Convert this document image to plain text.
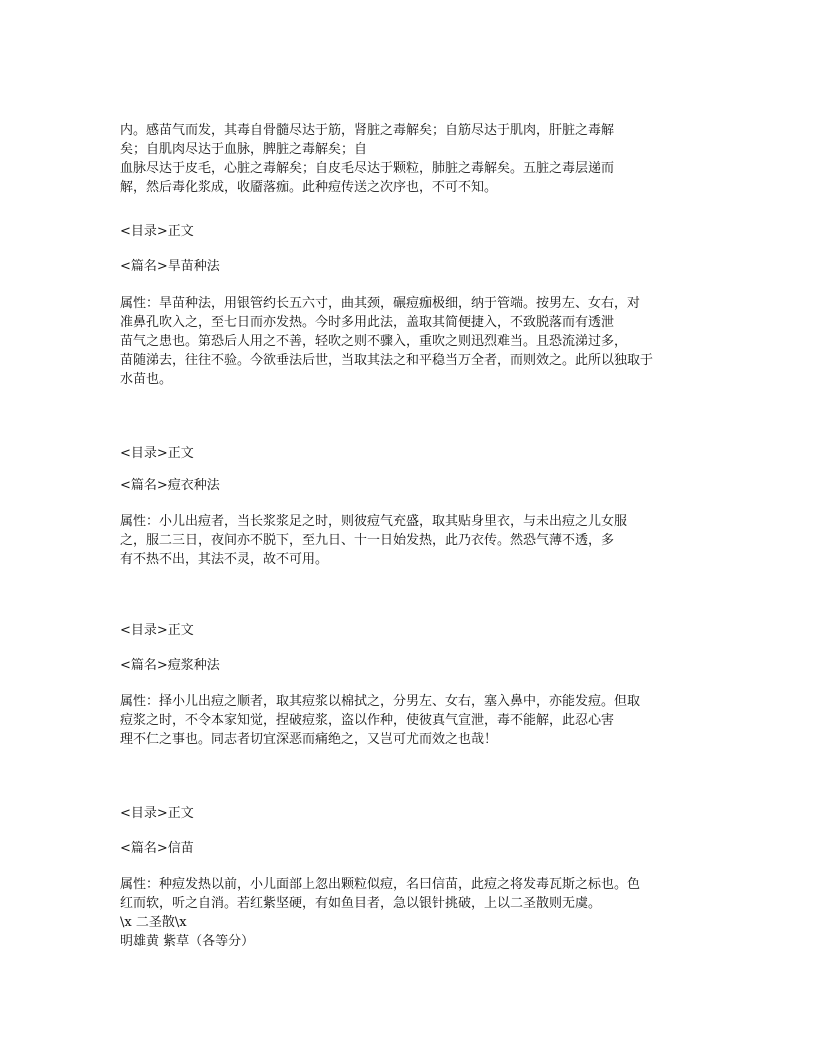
内。感苗气而发，其毒自骨髓尽达于筋，肾脏之毒解矣；自筋尽达于肌肉，肝脏之毒解
矣；自肌肉尽达于血脉，脾脏之毒解矣；自
血脉尽达于皮毛，心脏之毒解矣；自皮毛尽达于颗粒，肺脏之毒解矣。五脏之毒层递而
解，然后毒化浆成，收靥落痂。此种痘传送之次序也，不可不知。
<目录>正文
<篇名>旱苗种法
属性：旱苗种法，用银管约长五六寸，曲其颈，碾痘痂极细，纳于管端。按男左、女右，对
准鼻孔吹入之，至七日而亦发热。今时多用此法，盖取其简便捷入，不致脱落而有透泄
苗气之患也。第恐后人用之不善，轻吹之则不骤入，重吹之则迅烈难当。且恐流涕过多，
苗随涕去，往往不验。今欲垂法后世，当取其法之和平稳当万全者，而则效之。此所以独取于
水苗也。
<目录>正文
<篇名>痘衣种法
属性：小儿出痘者，当长浆浆足之时，则彼痘气充盛，取其贴身里衣，与未出痘之儿女服
之，服二三日，夜间亦不脱下，至九日、十一日始发热，此乃衣传。然恐气薄不透，多
有不热不出，其法不灵，故不可用。
<目录>正文
<篇名>痘浆种法
属性：择小儿出痘之顺者，取其痘浆以棉拭之，分男左、女右，塞入鼻中，亦能发痘。但取
痘浆之时，不令本家知觉，捏破痘浆，盗以作种，使彼真气宣泄，毒不能解，此忍心害
理不仁之事也。同志者切宜深恶而痛绝之，又岂可尤而效之也哉！
<目录>正文
<篇名>信苗
属性：种痘发热以前，小儿面部上忽出颗粒似痘，名曰信苗，此痘之将发毒瓦斯之标也。色
红而软，听之自消。若红紫坚硬，有如鱼目者，急以银针挑破，上以二圣散则无虞。
\x 二圣散\x
明雄黄 紫草（各等分）
